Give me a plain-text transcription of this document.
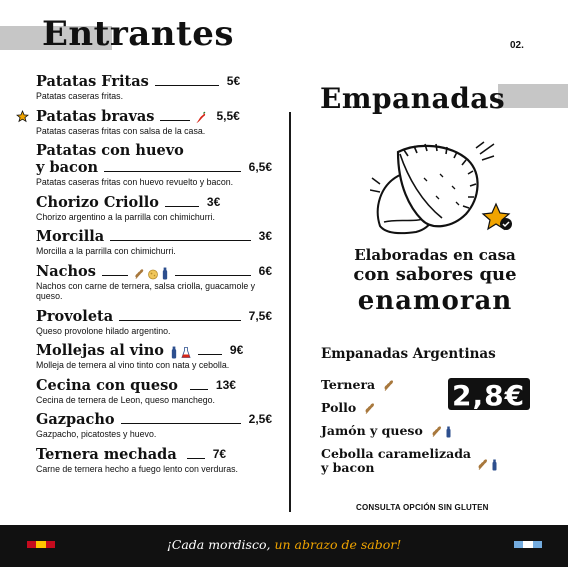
Entrantes	02.
Patatas Fritas	5€
Patatas caseras fritas.
Patatas bravas	5,5€
Patatas caseras fritas con salsa de la casa.
Patatas con huevo
y bacon	6,5€
Patatas caseras fritas con huevo revuelto y bacon.
Chorizo Criollo	3€
Chorizo argentino a la parrilla con chimichurri.
Morcilla	3€
Morcilla a la parrilla con chimichurri.
Nachos	6€
Nachos con carne de ternera, salsa criolla, guacamole y queso.
Provoleta	7,5€
Queso provolone hilado argentino.
Mollejas al vino	9€
Molleja de ternera al vino tinto con nata y cebolla.
Cecina con queso	13€
Cecina de ternera de Leon, queso manchego.
Gazpacho	2,5€
Gazpacho, picatostes y huevo.
Ternera mechada	7€
Carne de ternera hecho a fuego lento con verduras.
Empanadas
Elaboradas en casa
con sabores que
enamoran
Empanadas Argentinas
Ternera
Pollo
Jamón y queso
Cebolla caramelizada
y bacon
2,8€
CONSULTA OPCIÓN SIN GLUTEN
¡Cada mordisco, un abrazo de sabor!
